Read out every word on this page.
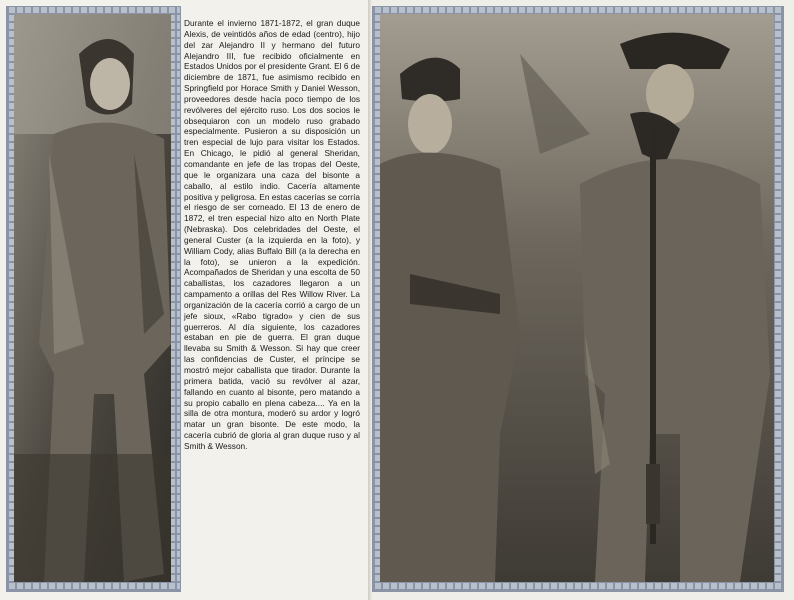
Durante el invierno 1871-1872, el gran duque Alexis, de veintidós años de edad (centro), hijo del zar Alejandro II y hermano del futuro Alejandro III, fue recibido oficialmente en Estados Unidos por el presidente Grant. El 6 de diciembre de 1871, fue asimismo recibido en Springfield por Horace Smith y Daniel Wesson, proveedores desde hacía poco tiempo de los revólveres del ejército ruso. Los dos socios le obsequiaron con un modelo ruso grabado especialmente. Pusieron a su disposición un tren especial de lujo para visitar los Estados. En Chicago, le pidió al general Sheridan, comandante en jefe de las tropas del Oeste, que le organizara una caza del bisonte a caballo, al estilo indio. Cacería altamente positiva y peligrosa. En estas cacerías se corría el riesgo de ser corneado. El 13 de enero de 1872, el tren especial hizo alto en North Plate (Nebraska). Dos celebridades del Oeste, el general Custer (a la izquierda en la foto), y William Cody, alias Buffalo Bill (a la derecha en la foto), se unieron a la expedición. Acompañados de Sheridan y una escolta de 50 caballistas, los cazadores llegaron a un campamento a orillas del Res Willow River. La organización de la cacería corrió a cargo de un jefe sioux, «Rabo tigrado» y cien de sus guerreros. Al día siguiente, los cazadores estaban en pie de guerra. El gran duque llevaba su Smith & Wesson. Si hay que creer las confidencias de Custer, el príncipe se mostró mejor caballista que tirador. Durante la primera batida, vació su revólver al azar, fallando en cuanto al bisonte, pero matando a su propio caballo en plena cabeza.... Ya en la silla de otra montura, moderó su ardor y logró matar un gran bisonte. De este modo, la cacería cubrió de gloria al gran duque ruso y al Smith & Wesson.
